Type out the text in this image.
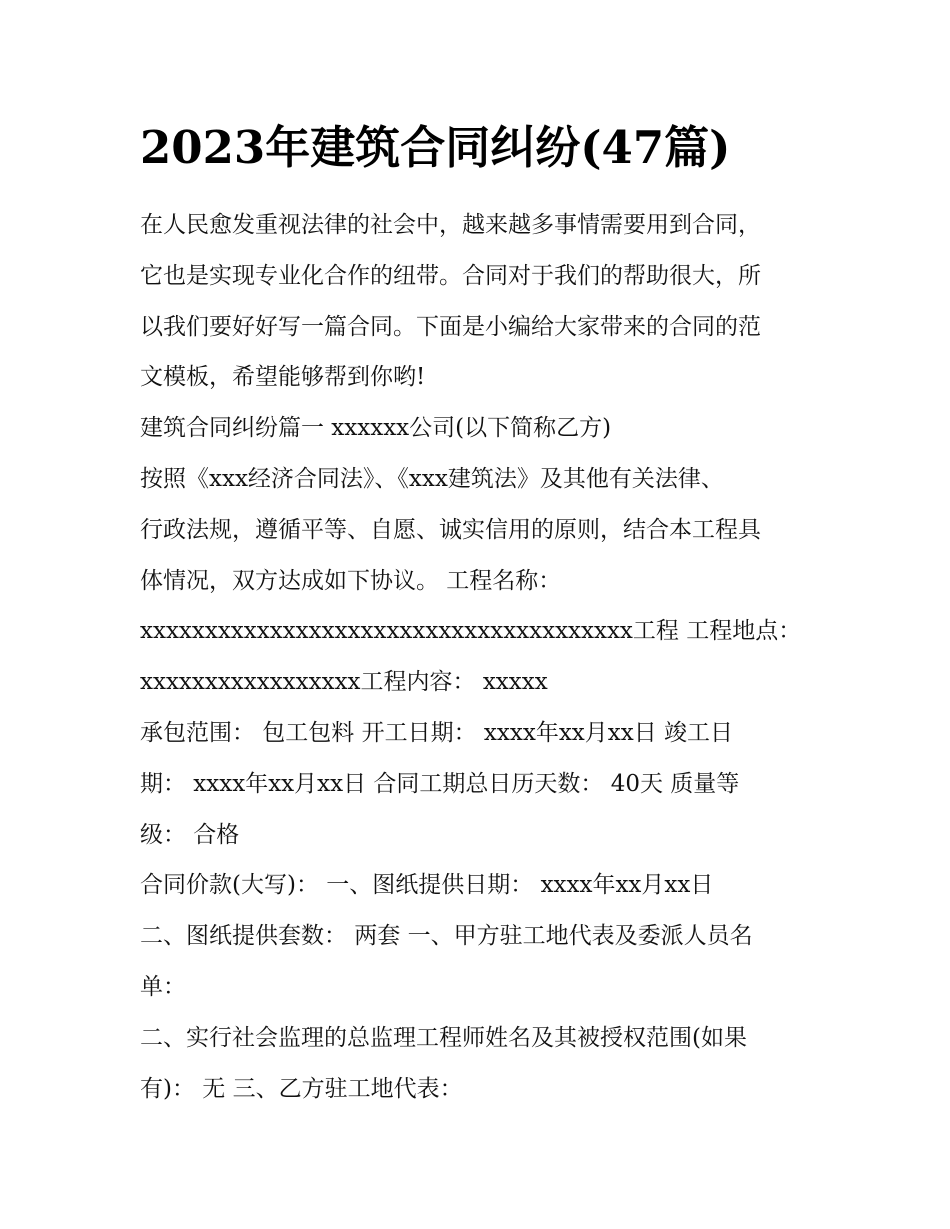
2023年建筑合同纠纷(47篇)

在人民愈发重视法律的社会中，越来越多事情需要用到合同，

它也是实现专业化合作的纽带。合同对于我们的帮助很大，所

以我们要好好写一篇合同。下面是小编给大家带来的合同的范

文模板，希望能够帮到你哟!

建筑合同纠纷篇一 xxxxxx公司(以下简称乙方)

按照《xxx经济合同法》、《xxx建筑法》及其他有关法律、

行政法规，遵循平等、自愿、诚实信用的原则，结合本工程具

体情况，双方达成如下协议。 工程名称：

xxxxxxxxxxxxxxxxxxxxxxxxxxxxxxxxxxxxxx工程 工程地点：

xxxxxxxxxxxxxxxxx工程内容： xxxxx

承包范围： 包工包料 开工日期： xxxx年xx月xx日 竣工日

期： xxxx年xx月xx日 合同工期总日历天数： 40天 质量等

级： 合格

合同价款(大写)： 一、图纸提供日期： xxxx年xx月xx日

二、图纸提供套数： 两套 一、甲方驻工地代表及委派人员名

单：

二、实行社会监理的总监理工程师姓名及其被授权范围(如果

有)： 无 三、乙方驻工地代表：
